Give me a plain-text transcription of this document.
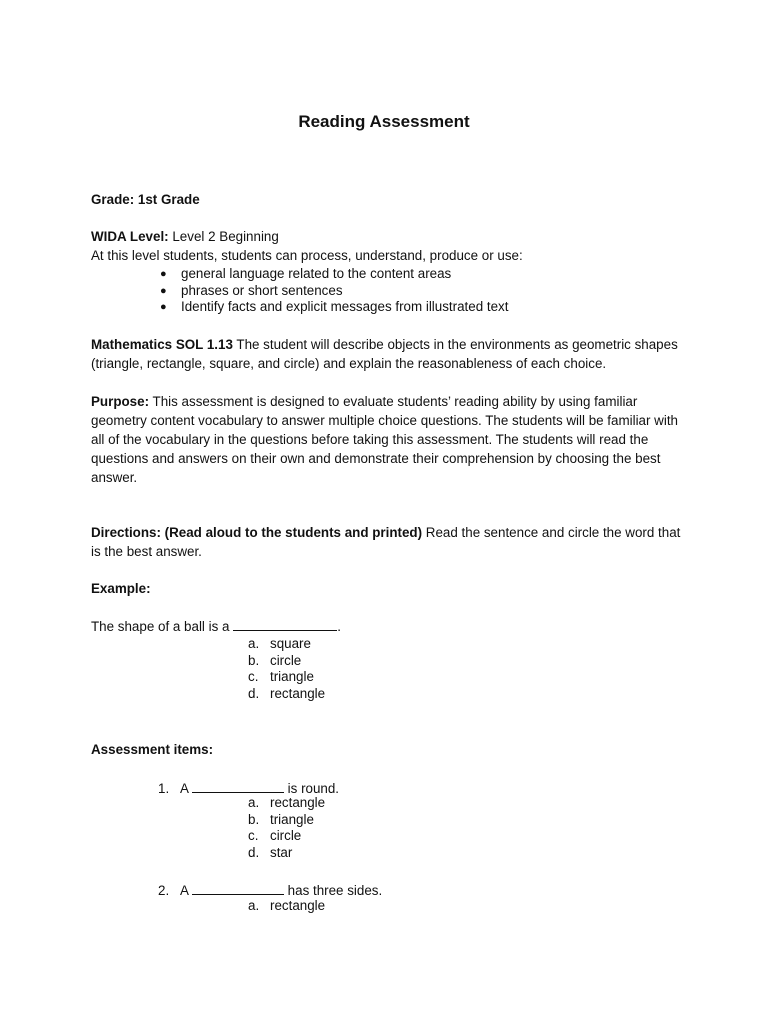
Reading Assessment
Grade: 1st Grade
WIDA Level: Level 2 Beginning
At this level students, students can process, understand, produce or use:
● general language related to the content areas
● phrases or short sentences
● Identify facts and explicit messages from illustrated text
Mathematics SOL 1.13 The student will describe objects in the environments as geometric shapes (triangle, rectangle, square, and circle) and explain the reasonableness of each choice.
Purpose: This assessment is designed to evaluate students’ reading ability by using familiar geometry content vocabulary to answer multiple choice questions. The students will be familiar with all of the vocabulary in the questions before taking this assessment. The students will read the questions and answers on their own and demonstrate their comprehension by choosing the best answer.
Directions: (Read aloud to the students and printed) Read the sentence and circle the word that is the best answer.
Example:
The shape of a ball is a	.
a. square
b. circle
c. triangle
d. rectangle
Assessment items:
1. A	is round.
a. rectangle
b. triangle
c. circle
d. star
2. A	has three sides.
a. rectangle
